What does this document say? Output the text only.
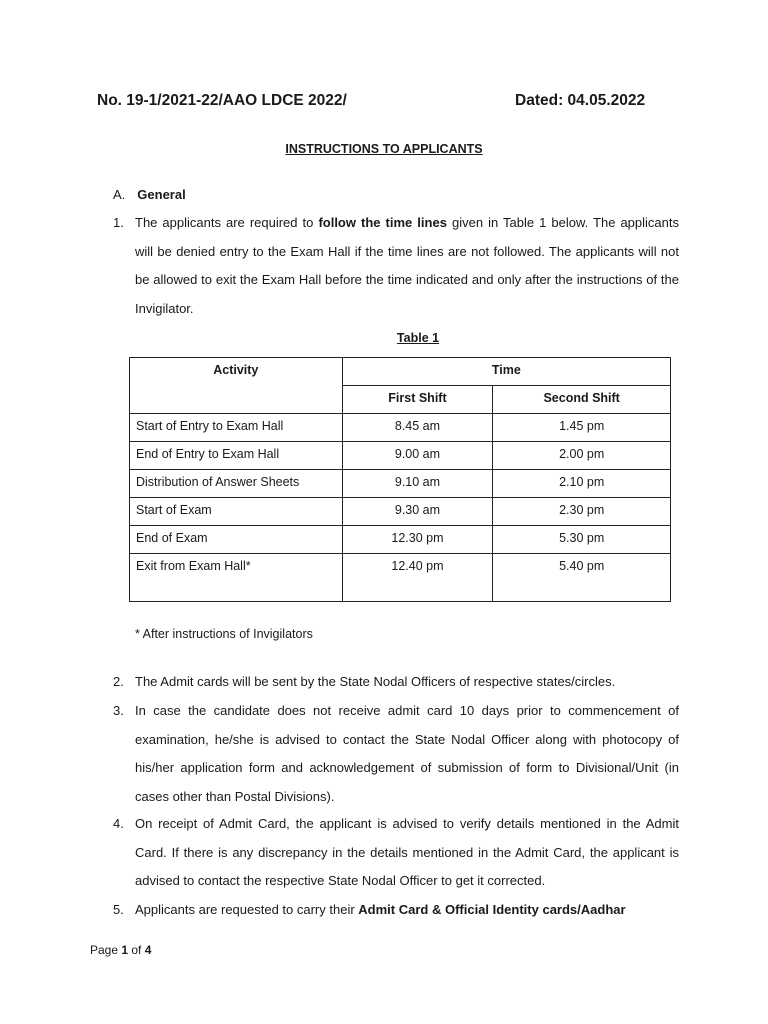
No. 19-1/2021-22/AAO LDCE 2022/	Dated: 04.05.2022
INSTRUCTIONS TO APPLICANTS
A. General
1. The applicants are required to follow the time lines given in Table 1 below. The applicants will be denied entry to the Exam Hall if the time lines are not followed. The applicants will not be allowed to exit the Exam Hall before the time indicated and only after the instructions of the Invigilator.
Table 1
Activity	Time	
	First Shift	Second Shift
Start of Entry to Exam Hall	8.45 am	1.45 pm
End of Entry to Exam Hall	9.00 am	2.00 pm
Distribution of Answer Sheets	9.10 am	2.10 pm
Start of Exam	9.30 am	2.30 pm
End of Exam	12.30 pm	5.30 pm
Exit from Exam Hall*	12.40 pm	5.40 pm
* After instructions of Invigilators
2. The Admit cards will be sent by the State Nodal Officers of respective states/circles.
3. In case the candidate does not receive admit card 10 days prior to commencement of examination, he/she is advised to contact the State Nodal Officer along with photocopy of his/her application form and acknowledgement of submission of form to Divisional/Unit (in cases other than Postal Divisions).
4. On receipt of Admit Card, the applicant is advised to verify details mentioned in the Admit Card. If there is any discrepancy in the details mentioned in the Admit Card, the applicant is advised to contact the respective State Nodal Officer to get it corrected.
5. Applicants are requested to carry their Admit Card & Official Identity cards/Aadhar
Page 1 of 4
